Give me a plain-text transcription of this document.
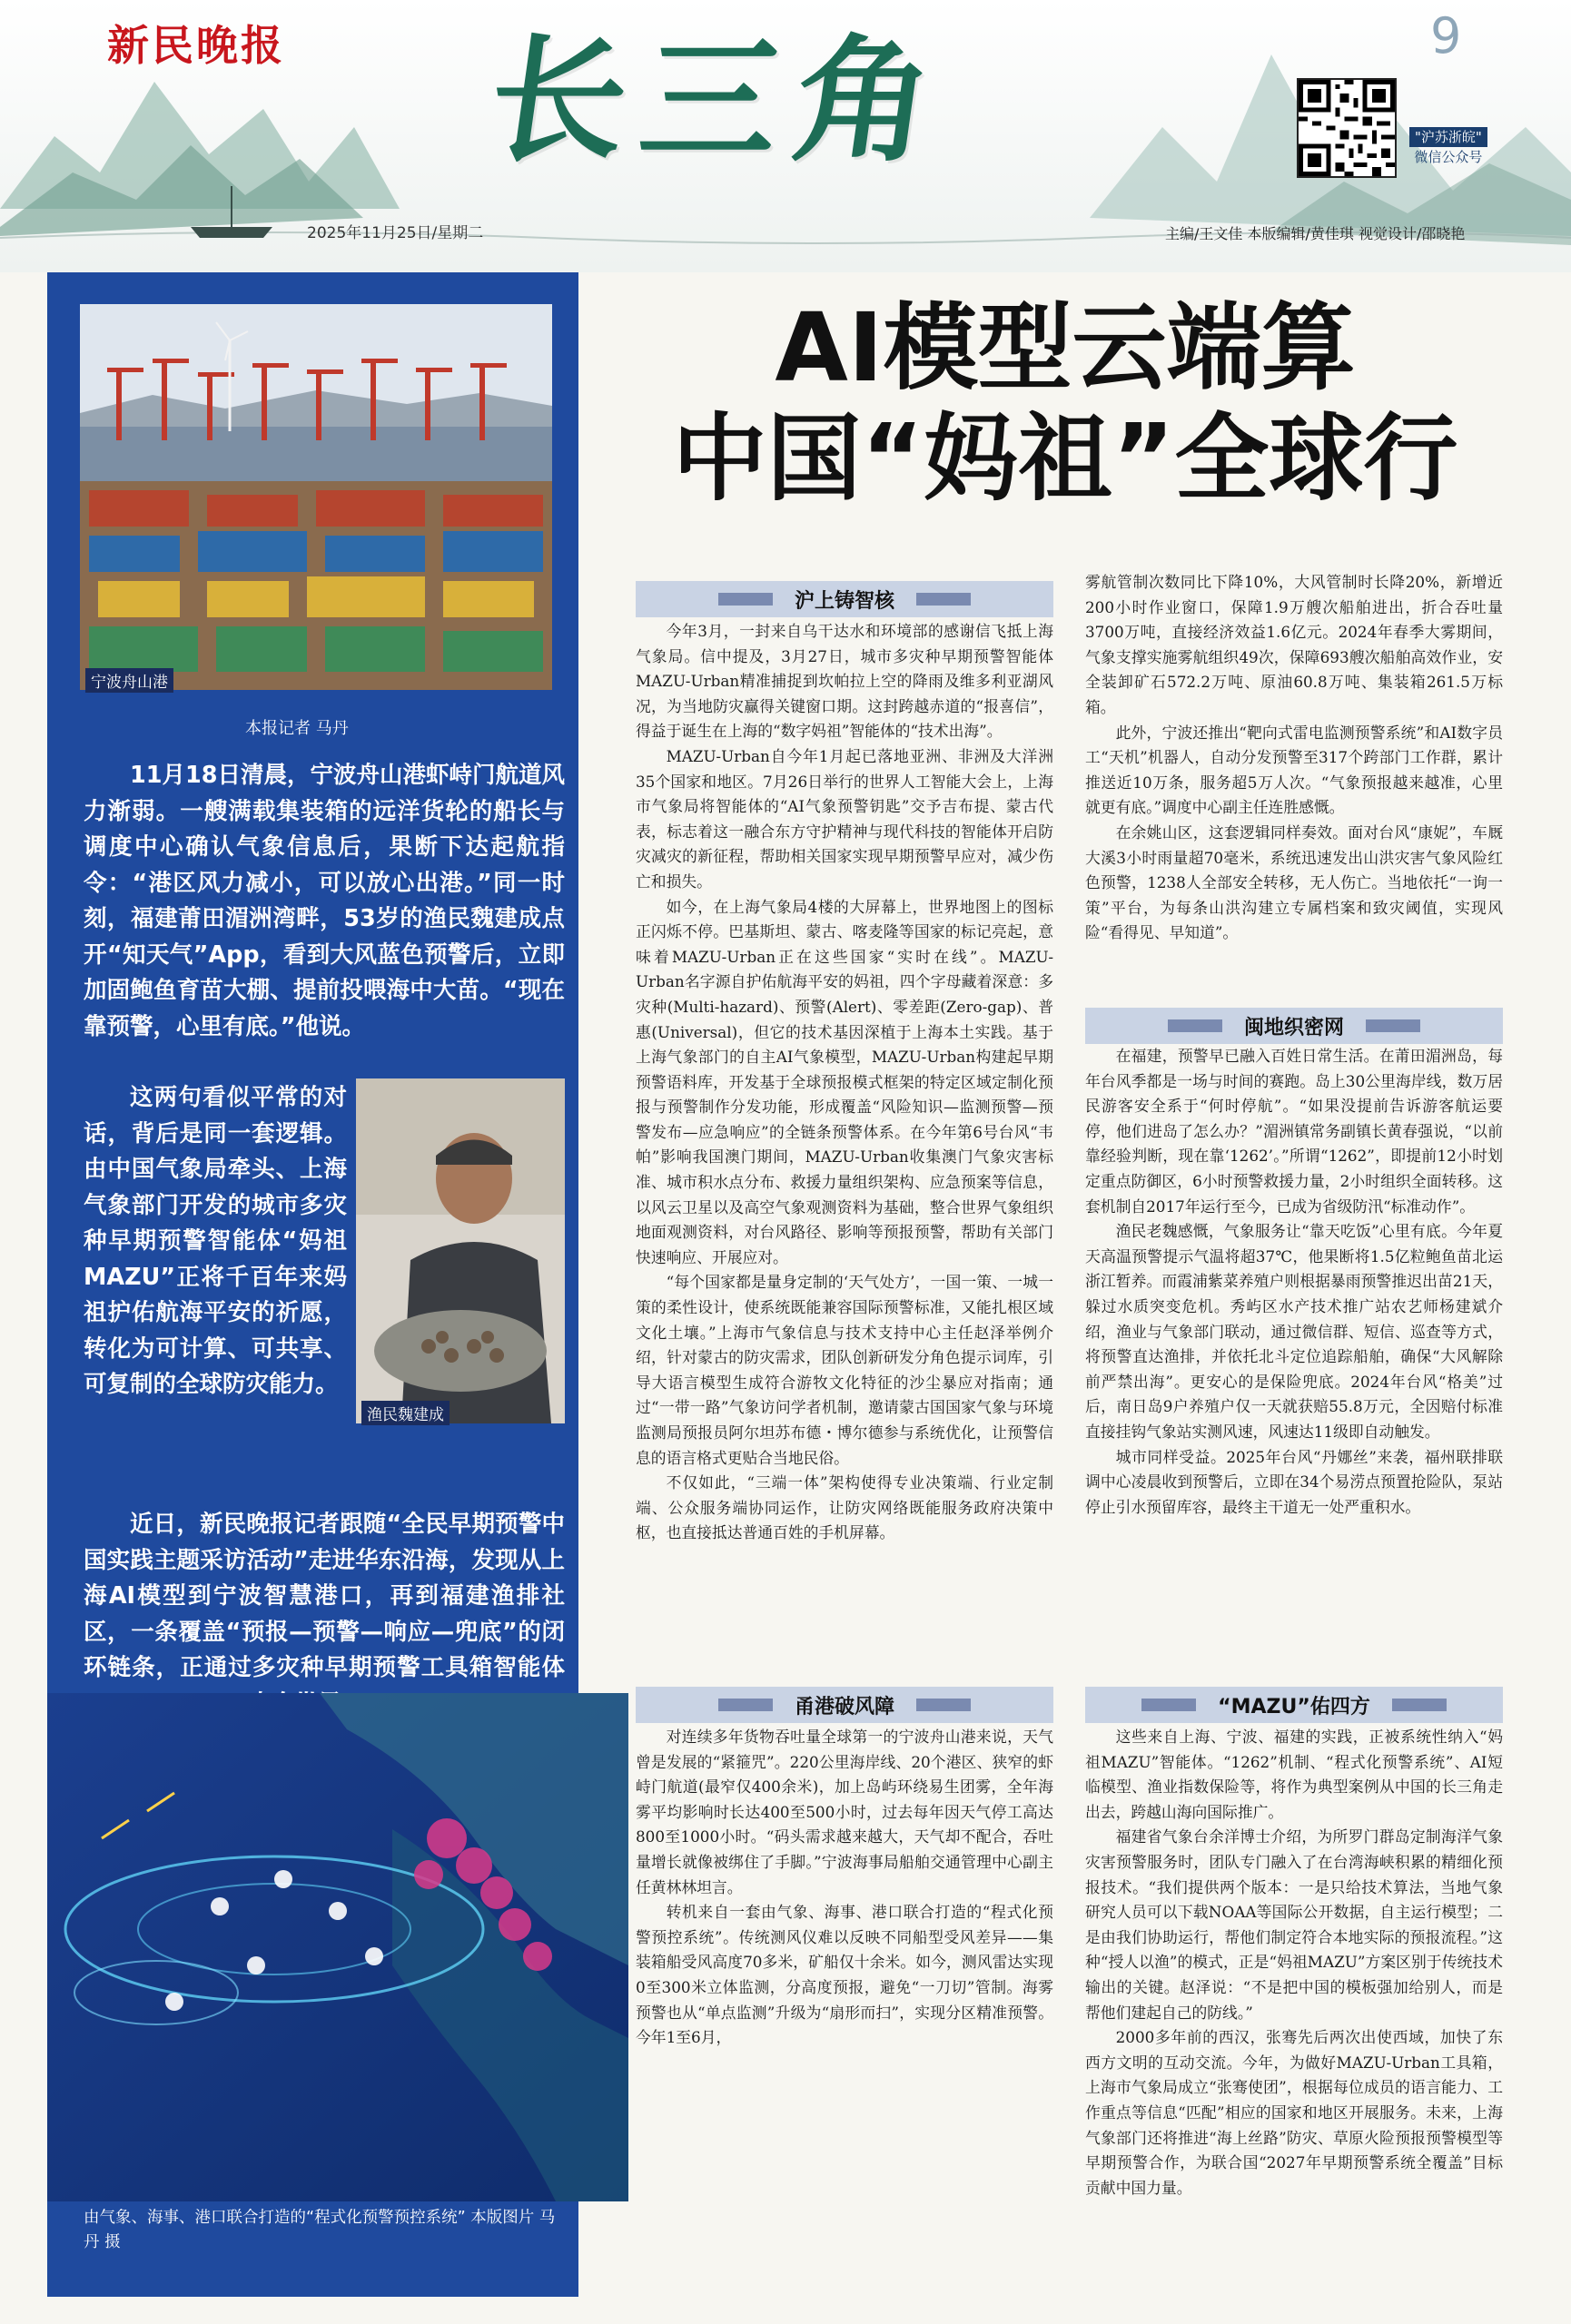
新民晚报 长三角	9
2025年11月25日/星期二
"沪苏浙皖"
微信公众号
主编/王文佳 本版编辑/黄佳琪 视觉设计/邵晓艳
宁波舟山港
本报记者 马丹

11月18日清晨，宁波舟山港虾峙门航道风力渐弱。一艘满载集装箱的远洋货轮的船长与调度中心确认气象信息后，果断下达起航指令：“港区风力减小，可以放心出港。”同一时刻，福建莆田湄洲湾畔，53岁的渔民魏建成点开“知天气”App，看到大风蓝色预警后，立即加固鲍鱼育苗大棚、提前投喂海中大苗。“现在靠预警，心里有底。”他说。

这两句看似平常的对话，背后是同一套逻辑。由中国气象局牵头、上海气象部门开发的城市多灾种早期预警智能体“妈祖MAZU”正将千百年来妈祖护佑航海平安的祈愿，转化为可计算、可共享、可复制的全球防灾能力。

渔民魏建成

近日，新民晚报记者跟随“全民早期预警中国实践主题采访活动”走进华东沿海，发现从上海AI模型到宁波智慧港口，再到福建渔排社区，一条覆盖“预报—预警—响应—兜底”的闭环链条，正通过多灾种早期预警工具箱智能体

由气象、海事、港口联合打造的“程式化预警预控系统” 本版图片 马丹 摄
AI模型云端算
中国“妈祖”全球行
沪上铸智核

今年3月，一封来自乌干达水和环境部的感谢信飞抵上海气象局。信中提及，3月27日，城市多灾种早期预警智能体MAZU-Urban精准捕捉到坎帕拉上空的降雨及维多利亚湖风况，为当地防灾赢得关键窗口期。这封跨越赤道的“报喜信”，得益于诞生在上海的“数字妈祖”智能体的“技术出海”。

MAZU-Urban自今年1月起已落地亚洲、非洲及大洋洲35个国家和地区。7月26日举行的世界人工智能大会上，上海市气象局将智能体的“AI气象预警钥匙”交予吉布提、蒙古代表，标志着这一融合东方守护精神与现代科技的智能体开启防灾减灾的新征程，帮助相关国家实现早期预警早应对，减少伤亡和损失。

如今，在上海气象局4楼的大屏幕上，世界地图上的图标正闪烁不停。巴基斯坦、蒙古、喀麦隆等国家的标记亮起，意味着MAZU-Urban正在这些国家“实时在线”。MAZU-Urban名字源自护佑航海平安的妈祖，四个字母藏着深意：多灾种(Multi-hazard)、预警(Alert)、零差距(Zero-gap)、普惠(Universal)，但它的技术基因深植于上海本土实践。基于上海气象部门的自主AI气象模型，MAZU-Urban构建起早期预警语料库，开发基于全球预报模式框架的特定区域定制化预报与预警制作分发功能，形成覆盖“风险知识—监测预警—预警发布—应急响应”的全链条预警体系。在今年第6号台风“韦帕”影响我国澳门期间，MAZU-Urban收集澳门气象灾害标准、城市积水点分布、救援力量组织架构、应急预案等信息，以风云卫星以及高空气象观测资料为基础，整合世界气象组织地面观测资料，对台风路径、影响等预报预警，帮助有关部门快速响应、开展应对。

“每个国家都是量身定制的‘天气处方’，一国一策、一城一策的柔性设计，使系统既能兼容国际预警标准，又能扎根区域文化土壤。”上海市气象信息与技术支持中心主任赵泽举例介绍，针对蒙古的防灾需求，团队创新研发分角色提示词库，引导大语言模型生成符合游牧文化特征的沙尘暴应对指南；通过“一带一路”气象访问学者机制，邀请蒙古国国家气象与环境监测局预报员阿尔坦苏布德・博尔德参与系统优化，让预警信息的语言格式更贴合当地民俗。

不仅如此，“三端一体”架构使得专业决策端、行业定制端、公众服务端协同运作，让防灾网络既能服务政府决策中枢，也直接抵达普通百姓的手机屏幕。

甬港破风障

对连续多年货物吞吐量全球第一的宁波舟山港来说，天气曾是发展的“紧箍咒”。220公里海岸线、20个港区、狭窄的虾峙门航道(最窄仅400余米)，加上岛屿环绕易生团雾，全年海雾平均影响时长达400至500小时，过去每年因天气停工高达800至1000小时。“码头需求越来越大，天气却不配合，吞吐量增长就像被绑住了手脚。”宁波海事局船舶交通管理中心副主任黄林林坦言。

转机来自一套由气象、海事、港口联合打造的“程式化预警预控系统”。传统测风仪难以反映不同船型受风差异——集装箱船受风高度70多米，矿船仅十余米。如今，测风雷达实现0至300米立体监测，分高度预报，避免“一刀切”管制。海雾预警也从“单点监测”升级为“扇形而扫”，实现分区精准预警。今年1至6月，

雾航管制次数同比下降10%，大风管制时长降20%，新增近200小时作业窗口，保障1.9万艘次船舶进出，折合吞吐量3700万吨，直接经济效益1.6亿元。2024年春季大雾期间，气象支撑实施雾航组织49次，保障693艘次船舶高效作业，安全装卸矿石572.2万吨、原油60.8万吨、集装箱261.5万标箱。

此外，宁波还推出“靶向式雷电监测预警系统”和AI数字员工“天机”机器人，自动分发预警至317个跨部门工作群，累计推送近10万条，服务超5万人次。“气象预报越来越准，心里就更有底。”调度中心副主任连胜感慨。

在余姚山区，这套逻辑同样奏效。面对台风“康妮”，车厩大溪3小时雨量超70毫米，系统迅速发出山洪灾害气象风险红色预警，1238人全部安全转移，无人伤亡。当地依托“一询一策”平台，为每条山洪沟建立专属档案和致灾阈值，实现风险“看得见、早知道”。

闽地织密网

在福建，预警早已融入百姓日常生活。在莆田湄洲岛，每年台风季都是一场与时间的赛跑。岛上30公里海岸线，数万居民游客安全系于“何时停航”。“如果没提前告诉游客航运要停，他们进岛了怎么办？”湄洲镇常务副镇长黄春强说，“以前靠经验判断，现在靠‘1262’。”所谓“1262”，即提前12小时划定重点防御区，6小时预警救援力量，2小时组织全面转移。这套机制自2017年运行至今，已成为省级防汛“标准动作”。

渔民老魏感慨，气象服务让“靠天吃饭”心里有底。今年夏天高温预警提示气温将超37℃，他果断将1.5亿粒鲍鱼苗北运浙江暂养。而霞浦紫菜养殖户则根据暴雨预警推迟出苗21天，躲过水质突变危机。秀屿区水产技术推广站农艺师杨建斌介绍，渔业与气象部门联动，通过微信群、短信、巡查等方式，将预警直达渔排，并依托北斗定位追踪船舶，确保“大风解除前严禁出海”。更安心的是保险兜底。2024年台风“格美”过后，南日岛9户养殖户仅一天就获赔55.8万元，全因赔付标准直接挂钩气象站实测风速，风速达11级即自动触发。

城市同样受益。2025年台风“丹娜丝”来袭，福州联排联调中心凌晨收到预警后，立即在34个易涝点预置抢险队，泵站停止引水预留库容，最终主干道无一处严重积水。

“MAZU”佑四方

这些来自上海、宁波、福建的实践，正被系统性纳入“妈祖MAZU”智能体。“1262”机制、“程式化预警系统”、AI短临模型、渔业指数保险等，将作为典型案例从中国的长三角走出去，跨越山海向国际推广。

福建省气象台余洋博士介绍，为所罗门群岛定制海洋气象灾害预警服务时，团队专门融入了在台湾海峡积累的精细化预报技术。“我们提供两个版本：一是只给技术算法，当地气象研究人员可以下载NOAA等国际公开数据，自主运行模型；二是由我们协助运行，帮他们制定符合本地实际的预报流程。”这种“授人以渔”的模式，正是“妈祖MAZU”方案区别于传统技术输出的关键。赵泽说：“不是把中国的模板强加给别人，而是帮他们建起自己的防线。”

2000多年前的西汉，张骞先后两次出使西域，加快了东西方文明的互动交流。今年，为做好MAZU-Urban工具箱，上海市气象局成立“张骞使团”，根据每位成员的语言能力、工作重点等信息“匹配”相应的国家和地区开展服务。未来，上海气象部门还将推进“海上丝路”防灾、草原火险预报预警模型等早期预警合作，为联合国“2027年早期预警系统全覆盖”目标贡献中国力量。
